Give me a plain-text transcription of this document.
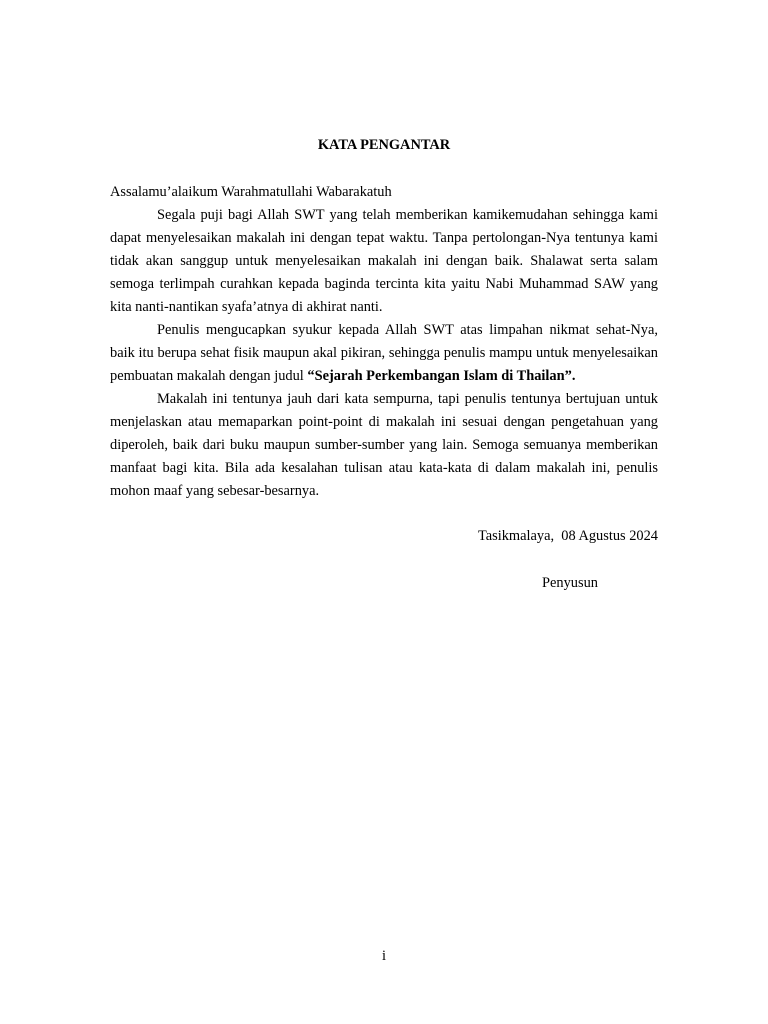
KATA PENGANTAR

Assalamu’alaikum Warahmatullahi Wabarakatuh

Segala puji bagi Allah SWT yang telah memberikan kamikemudahan sehingga kami dapat menyelesaikan makalah ini dengan tepat waktu. Tanpa pertolongan-Nya tentunya kami tidak akan sanggup untuk menyelesaikan makalah ini dengan baik. Shalawat serta salam semoga terlimpah curahkan kepada baginda tercinta kita yaitu Nabi Muhammad SAW yang kita nanti-nantikan syafa’atnya di akhirat nanti.

Penulis mengucapkan syukur kepada Allah SWT atas limpahan nikmat sehat-Nya, baik itu berupa sehat fisik maupun akal pikiran, sehingga penulis mampu untuk menyelesaikan pembuatan makalah dengan judul “Sejarah Perkembangan Islam di Thailan”.

Makalah ini tentunya jauh dari kata sempurna, tapi penulis tentunya bertujuan untuk menjelaskan atau memaparkan point-point di makalah ini sesuai dengan pengetahuan yang diperoleh, baik dari buku maupun sumber-sumber yang lain. Semoga semuanya memberikan manfaat bagi kita. Bila ada kesalahan tulisan atau kata-kata di dalam makalah ini, penulis mohon maaf yang sebesar-besarnya.

Tasikmalaya,  08 Agustus 2024
Penyusun
i
